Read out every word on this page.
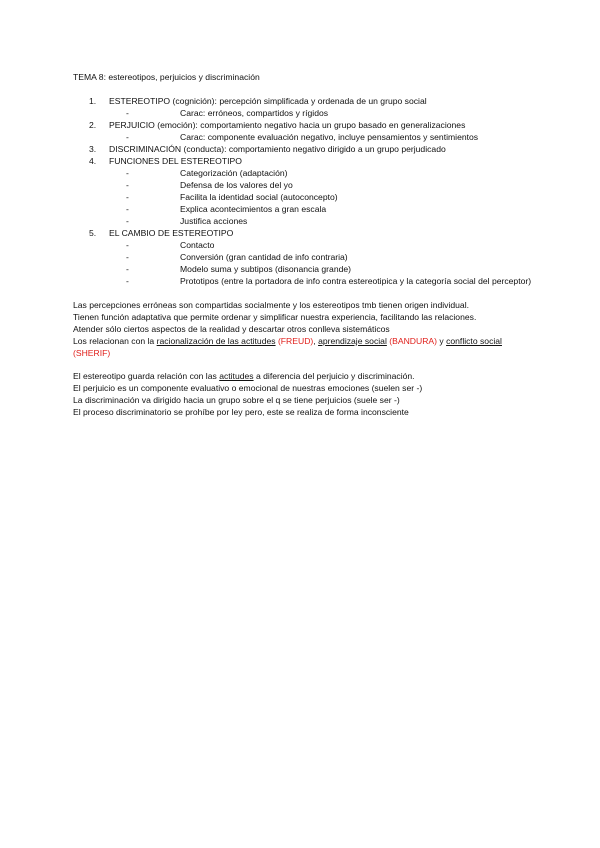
TEMA 8: estereotipos, perjuicios y discriminación
1.	ESTEREOTIPO (cognición): percepción simplificada y ordenada de un grupo social
-	Carac: erróneos, compartidos y rígidos
2.	PERJUICIO (emoción): comportamiento negativo hacia un grupo basado en generalizaciones
-	Carac: componente evaluación negativo, incluye pensamientos y sentimientos
3.	DISCRIMINACIÓN (conducta): comportamiento negativo dirigido a un grupo perjudicado
4.	FUNCIONES DEL ESTEREOTIPO
-	Categorización (adaptación)
-	Defensa de los valores del yo
-	Facilita la identidad social (autoconcepto)
-	Explica acontecimientos a gran escala
-	Justifica acciones
5.	EL CAMBIO DE ESTEREOTIPO
-	Contacto
-	Conversión (gran cantidad de info contraria)
-	Modelo suma y subtipos (disonancia grande)
-	Prototipos (entre la portadora de info contra estereotipica y la categoría social del perceptor)
Las percepciones erróneas son compartidas socialmente y los estereotipos tmb tienen origen individual.
Tienen función adaptativa que permite ordenar y simplificar nuestra experiencia, facilitando las relaciones.
Atender sólo ciertos aspectos de la realidad y descartar otros conlleva sistemáticos
Los relacionan con la racionalización de las actitudes (FREUD), aprendizaje social (BANDURA) y conflicto social
(SHERIF)
El estereotipo guarda relación con las actitudes a diferencia del perjuicio y discriminación.
El perjuicio es un componente evaluativo o emocional de nuestras emociones (suelen ser -)
La discriminación va dirigido hacia un grupo sobre el q se tiene perjuicios (suele ser -)
El proceso discriminatorio se prohíbe por ley pero, este se realiza de forma inconsciente
